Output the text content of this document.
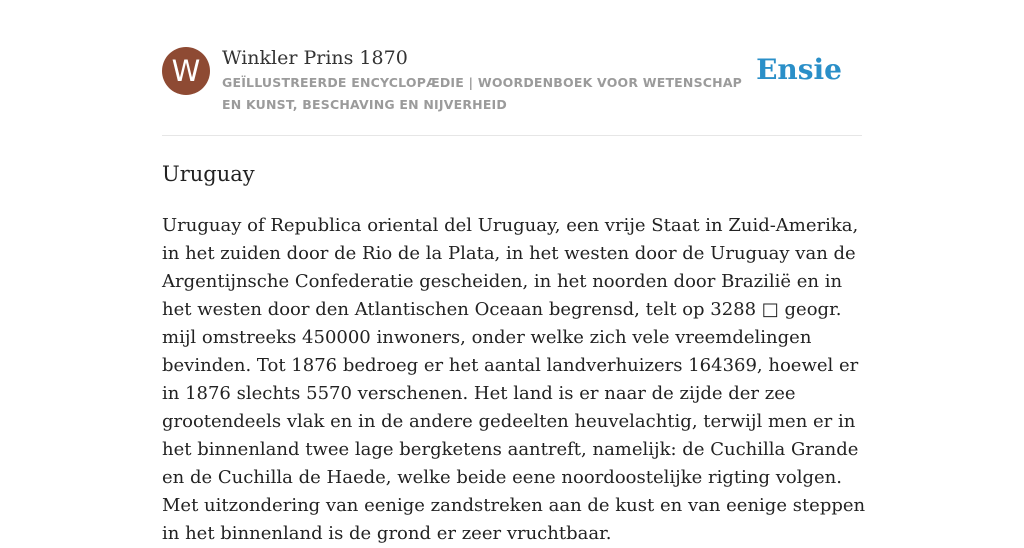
W	Winkler Prins 1870
GEÏLLUSTREERDE ENCYCLOPÆDIE | WOORDENBOEK VOOR WETENSCHAP EN KUNST, BESCHAVING EN NIJVERHEID
Ensie
Uruguay

Uruguay of Republica oriental del Uruguay, een vrije Staat in Zuid-Amerika, in het zuiden door de Rio de la Plata, in het westen door de Uruguay van de Argentijnsche Confederatie gescheiden, in het noorden door Brazilië en in het westen door den Atlantischen Oceaan begrensd, telt op 3288 □ geogr. mijl omstreeks 450000 inwoners, onder welke zich vele vreemdelingen bevinden. Tot 1876 bedroeg er het aantal landverhuizers 164369, hoewel er in 1876 slechts 5570 verschenen. Het land is er naar de zijde der zee grootendeels vlak en in de andere gedeelten heuvelachtig, terwijl men er in het binnenland twee lage bergketens aantreft, namelijk: de Cuchilla Grande en de Cuchilla de Haede, welke beide eene noordoostelijke rigting volgen. Met uitzondering van eenige zandstreken aan de kust en van eenige steppen in het binnenland is de grond er zeer vruchtbaar.
